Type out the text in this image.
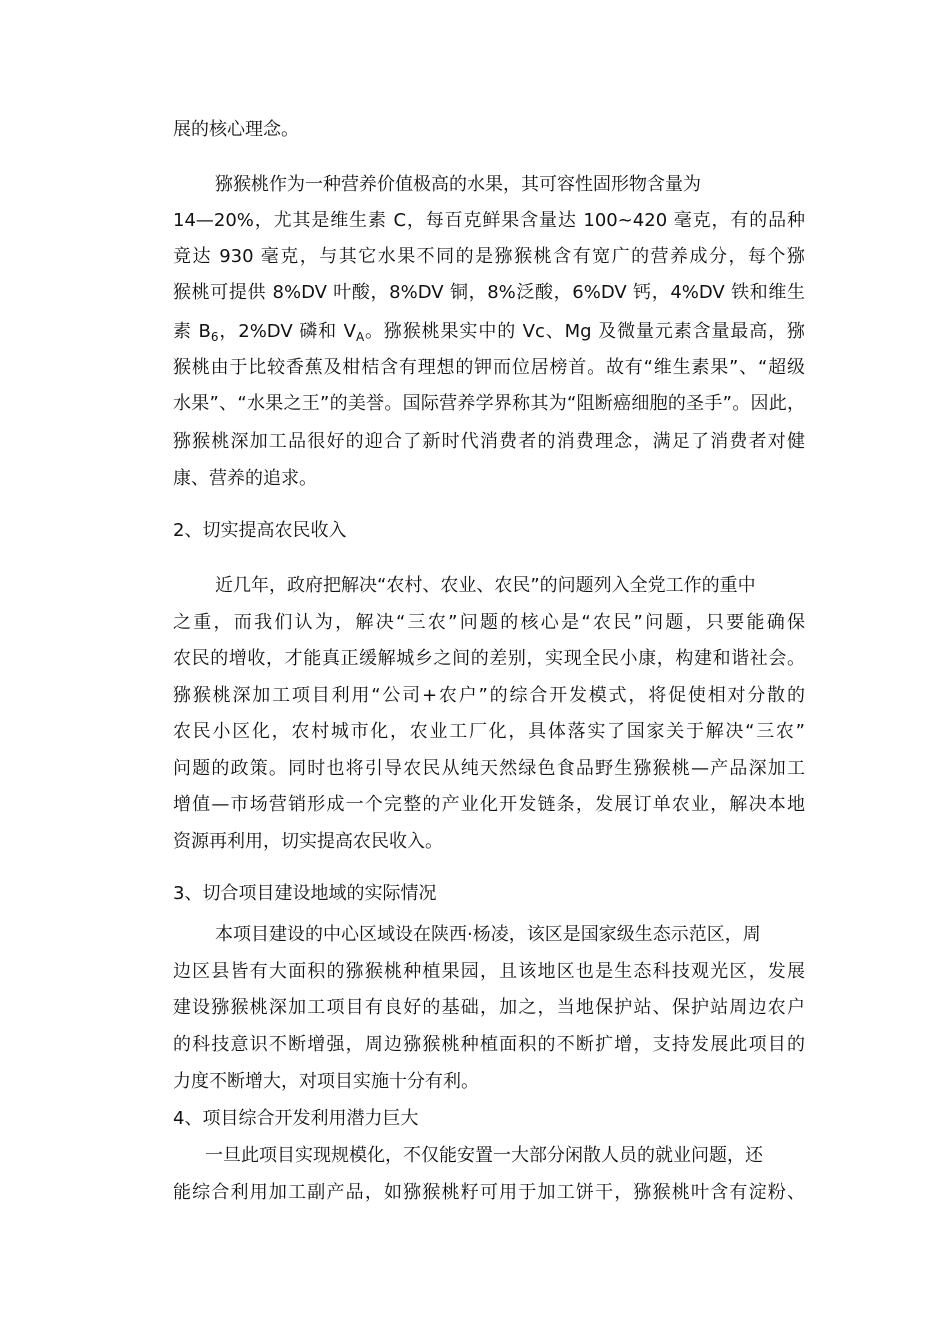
展的核心理念。
猕猴桃作为一种营养价值极高的水果，其可容性固形物含量为
14—20%，尤其是维生素 C，每百克鲜果含量达 100~420 毫克，有的品种
竟达 930 毫克，与其它水果不同的是猕猴桃含有宽广的营养成分，每个猕
猴桃可提供 8%DV 叶酸，8%DV 铜，8%泛酸，6%DV 钙，4%DV 铁和维生
素 $B_6$，2%DV 磷和 $V_A$。猕猴桃果实中的 Vc、Mg 及微量元素含量最高，猕
猴桃由于比较香蕉及柑桔含有理想的钾而位居榜首。故有“维生素果”、“超级
水果”、“水果之王”的美誉。国际营养学界称其为“阻断癌细胞的圣手”。因此，
猕猴桃深加工品很好的迎合了新时代消费者的消费理念，满足了消费者对健
康、营养的追求。
2、切实提高农民收入
近几年，政府把解决“农村、农业、农民”的问题列入全党工作的重中
之重，而我们认为，解决“三农”问题的核心是“农民”问题，只要能确保
农民的增收，才能真正缓解城乡之间的差别，实现全民小康，构建和谐社会。
猕猴桃深加工项目利用“公司+农户”的综合开发模式，将促使相对分散的
农民小区化，农村城市化，农业工厂化，具体落实了国家关于解决“三农”
问题的政策。同时也将引导农民从纯天然绿色食品野生猕猴桃—产品深加工
增值—市场营销形成一个完整的产业化开发链条，发展订单农业，解决本地
资源再利用，切实提高农民收入。
3、切合项目建设地域的实际情况
本项目建设的中心区域设在陕西·杨凌，该区是国家级生态示范区，周
边区县皆有大面积的猕猴桃种植果园，且该地区也是生态科技观光区，发展
建设猕猴桃深加工项目有良好的基础，加之，当地保护站、保护站周边农户
的科技意识不断增强，周边猕猴桃种植面积的不断扩增，支持发展此项目的
力度不断增大，对项目实施十分有利。
4、项目综合开发利用潜力巨大
一旦此项目实现规模化，不仅能安置一大部分闲散人员的就业问题，还
能综合利用加工副产品，如猕猴桃籽可用于加工饼干，猕猴桃叶含有淀粉、
